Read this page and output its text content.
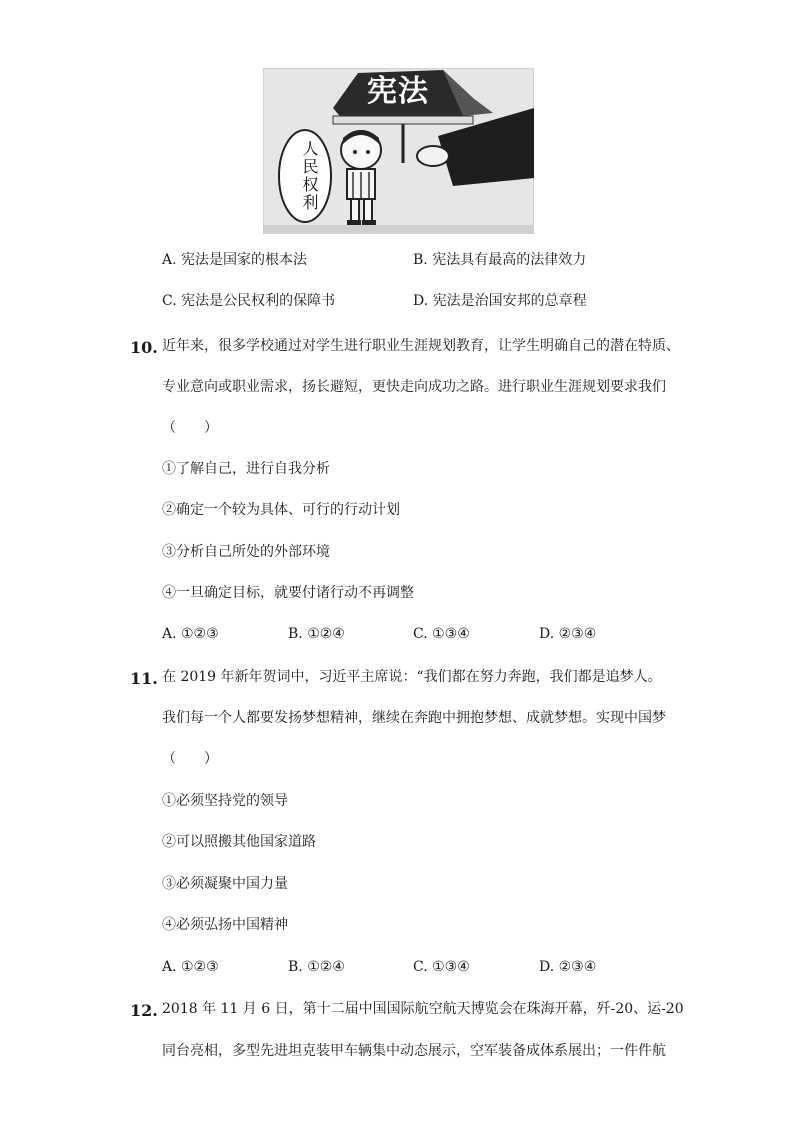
宪法
人民权利
A. 宪法是国家的根本法	B. 宪法具有最高的法律效力
C. 宪法是公民权利的保障书	D. 宪法是治国安邦的总章程
10. 近年来，很多学校通过对学生进行职业生涯规划教育，让学生明确自己的潜在特质、
专业意向或职业需求，扬长避短，更快走向成功之路。进行职业生涯规划要求我们
（　　）
①了解自己，进行自我分析
②确定一个较为具体、可行的行动计划
③分析自己所处的外部环境
④一旦确定目标，就要付诸行动不再调整
A. ①②③	B. ①②④	C. ①③④	D. ②③④
11. 在 2019 年新年贺词中，习近平主席说：“我们都在努力奔跑，我们都是追梦人。
我们每一个人都要发扬梦想精神，继续在奔跑中拥抱梦想、成就梦想。实现中国梦
（　　）
①必须坚持党的领导
②可以照搬其他国家道路
③必须凝聚中国力量
④必须弘扬中国精神
A. ①②③	B. ①②④	C. ①③④	D. ②③④
12. 2018 年 11 月 6 日，第十二届中国国际航空航天博览会在珠海开幕，歼-20、运-20
同台亮相，多型先进坦克装甲车辆集中动态展示，空军装备成体系展出；一件件航
